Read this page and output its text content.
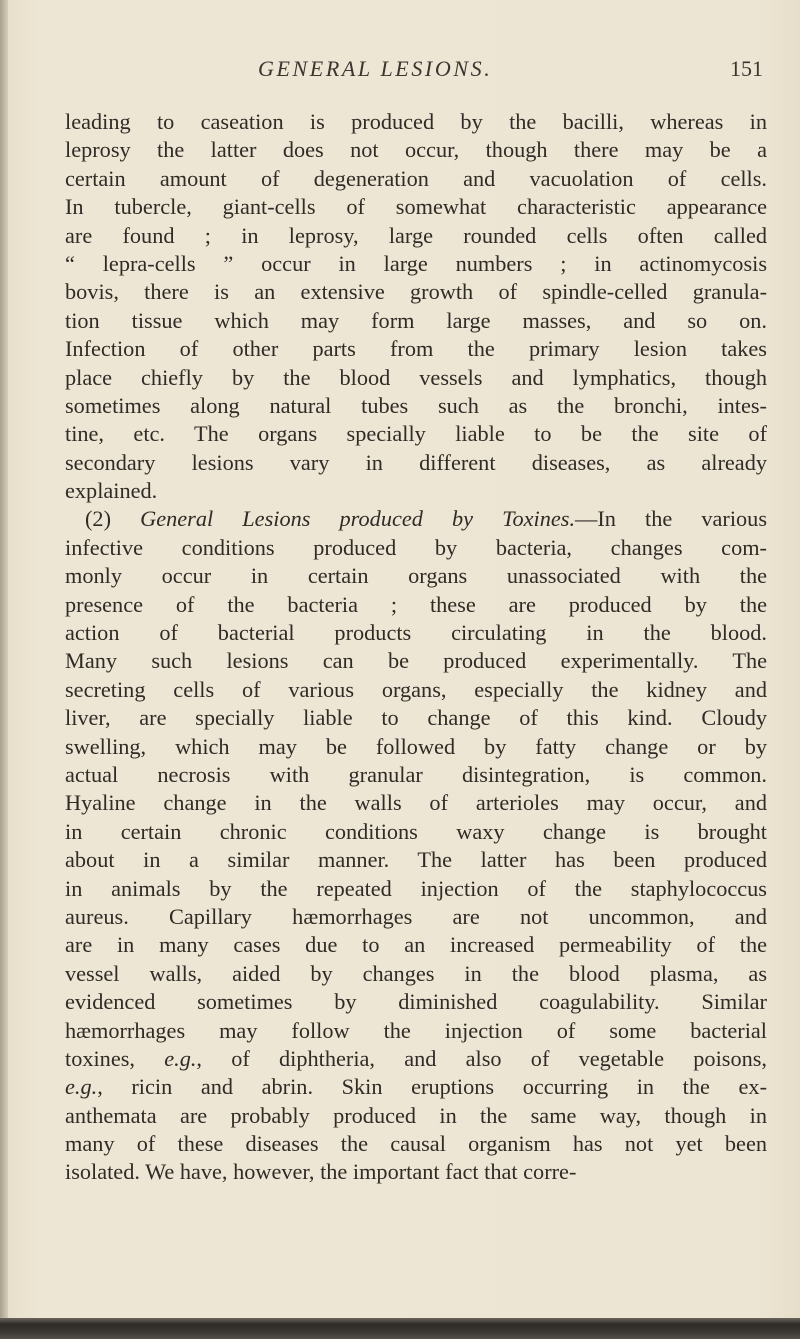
GENERAL LESIONS.	151
leading to caseation is produced by the bacilli, whereas in
leprosy the latter does not occur, though there may be a
certain amount of degeneration and vacuolation of cells.
In tubercle, giant-cells of somewhat characteristic appearance
are found ; in leprosy, large rounded cells often called
“ lepra-cells ” occur in large numbers ; in actinomycosis
bovis, there is an extensive growth of spindle-celled granula-
tion tissue which may form large masses, and so on.
Infection of other parts from the primary lesion takes
place chiefly by the blood vessels and lymphatics, though
sometimes along natural tubes such as the bronchi, intes-
tine, etc. The organs specially liable to be the site of
secondary lesions vary in different diseases, as already
explained.
(2) General Lesions produced by Toxines.—In the various
infective conditions produced by bacteria, changes com-
monly occur in certain organs unassociated with the
presence of the bacteria ; these are produced by the
action of bacterial products circulating in the blood.
Many such lesions can be produced experimentally. The
secreting cells of various organs, especially the kidney and
liver, are specially liable to change of this kind. Cloudy
swelling, which may be followed by fatty change or by
actual necrosis with granular disintegration, is common.
Hyaline change in the walls of arterioles may occur, and
in certain chronic conditions waxy change is brought
about in a similar manner. The latter has been produced
in animals by the repeated injection of the staphylococcus
aureus. Capillary hæmorrhages are not uncommon, and
are in many cases due to an increased permeability of the
vessel walls, aided by changes in the blood plasma, as
evidenced sometimes by diminished coagulability. Similar
hæmorrhages may follow the injection of some bacterial
toxines, e.g., of diphtheria, and also of vegetable poisons,
e.g., ricin and abrin. Skin eruptions occurring in the ex-
anthemata are probably produced in the same way, though in
many of these diseases the causal organism has not yet been
isolated. We have, however, the important fact that corre-
